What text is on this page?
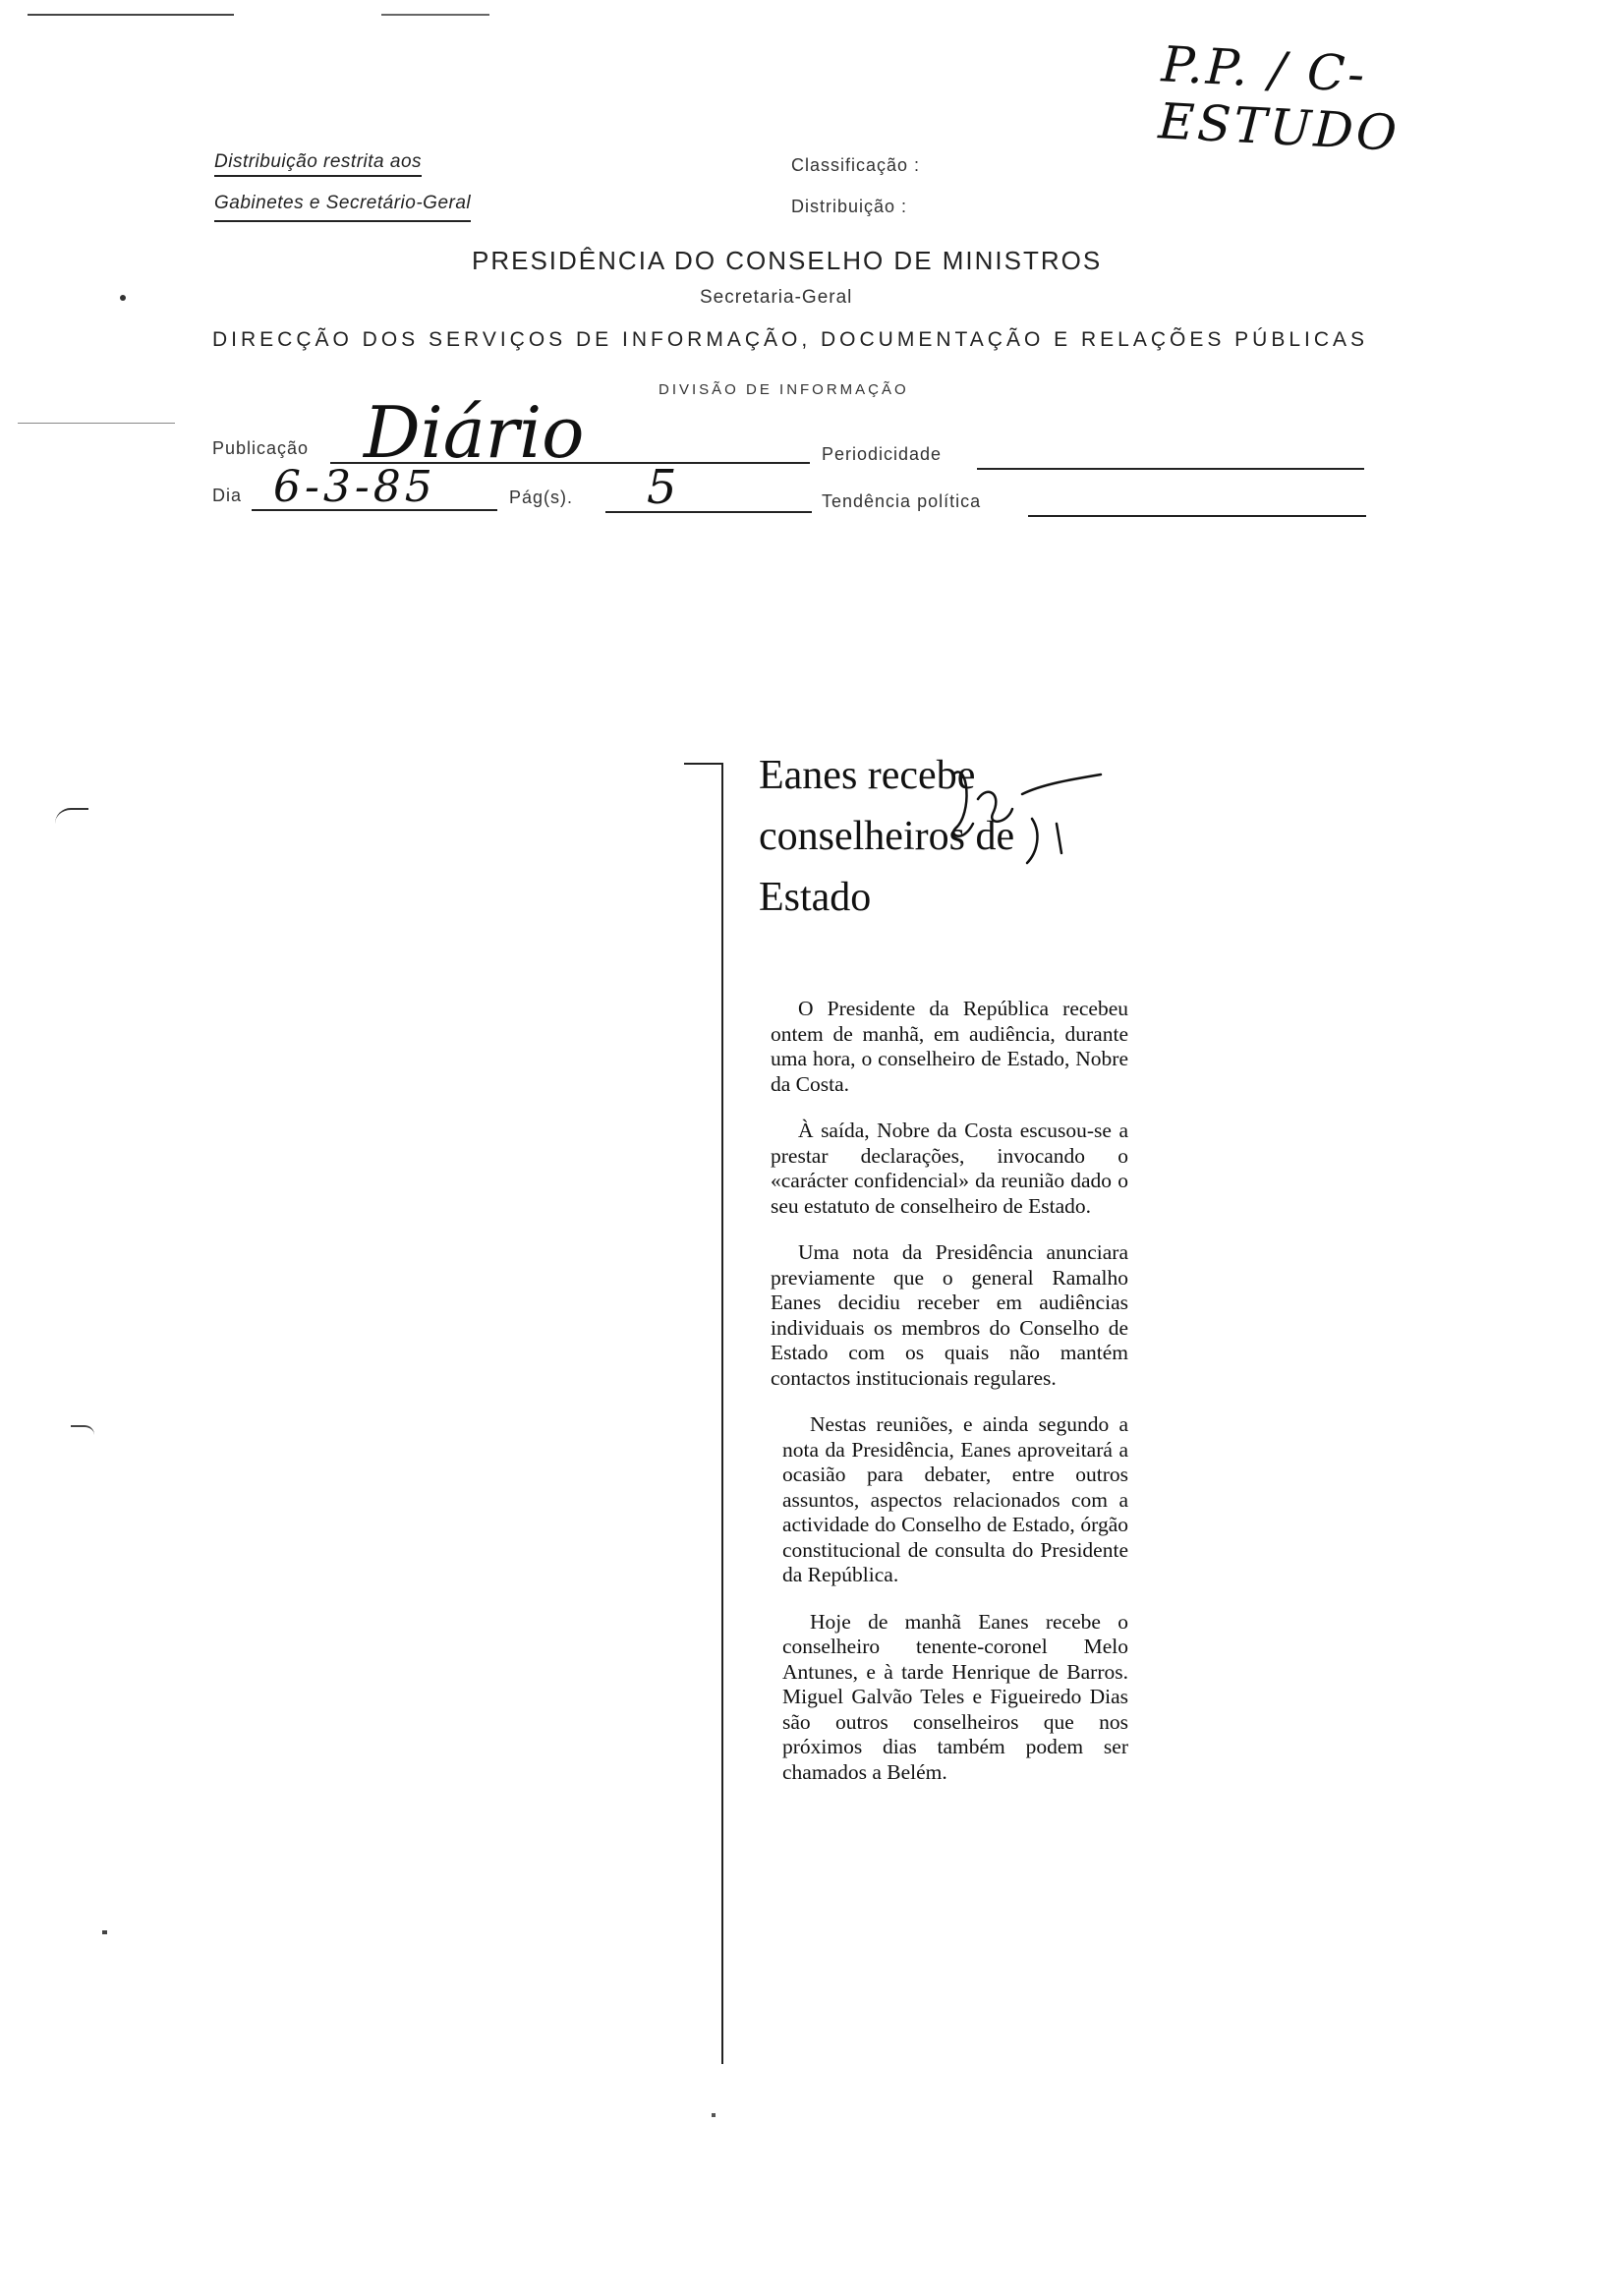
P.P. / C- ESTUDO
Distribuição restrita aos
Gabinetes e Secretário-Geral
Classificação :
Distribuição :
PRESIDÊNCIA DO CONSELHO DE MINISTROS
Secretaria-Geral
DIRECÇÃO DOS SERVIÇOS DE INFORMAÇÃO, DOCUMENTAÇÃO E RELAÇÕES PÚBLICAS
DIVISÃO DE INFORMAÇÃO
Publicação Diário	Periodicidade
Dia 6-3-85	Pág(s). 5	Tendência política
Eanes recebe conselheiros de Estado

O Presidente da República recebeu ontem de manhã, em audiência, durante uma hora, o conselheiro de Estado, Nobre da Costa.

À saída, Nobre da Costa escusou-se a prestar declarações, invocando o «carácter confidencial» da reunião dado o seu estatuto de conselheiro de Estado.

Uma nota da Presidência anunciara previamente que o general Ramalho Eanes decidiu receber em audiências individuais os membros do Conselho de Estado com os quais não mantém contactos institucionais regulares.

Nestas reuniões, e ainda segundo a nota da Presidência, Eanes aproveitará a ocasião para debater, entre outros assuntos, aspectos relacionados com a actividade do Conselho de Estado, órgão constitucional de consulta do Presidente da República.

Hoje de manhã Eanes recebe o conselheiro tenente-coronel Melo Antunes, e à tarde Henrique de Barros. Miguel Galvão Teles e Figueiredo Dias são outros conselheiros que nos próximos dias também podem ser chamados a Belém.
